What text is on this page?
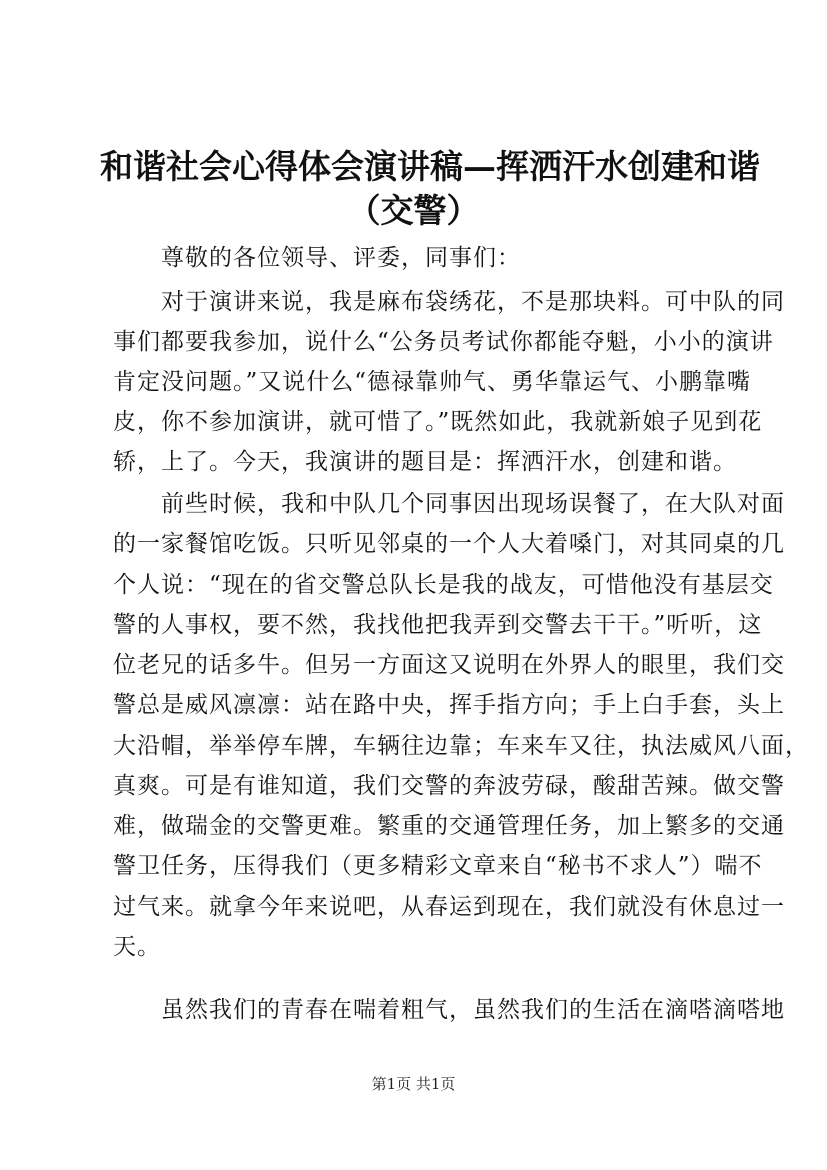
和谐社会心得体会演讲稿—挥洒汗水创建和谐
（交警）
　　尊敬的各位领导、评委，同事们：
　　对于演讲来说，我是麻布袋绣花，不是那块料。可中队的同
事们都要我参加，说什么“公务员考试你都能夺魁，小小的演讲
肯定没问题。”又说什么“德禄靠帅气、勇华靠运气、小鹏靠嘴
皮，你不参加演讲，就可惜了。”既然如此，我就新娘子见到花
轿，上了。今天，我演讲的题目是：挥洒汗水，创建和谐。
　　前些时候，我和中队几个同事因出现场误餐了，在大队对面
的一家餐馆吃饭。只听见邻桌的一个人大着嗓门，对其同桌的几
个人说：“现在的省交警总队长是我的战友，可惜他没有基层交
警的人事权，要不然，我找他把我弄到交警去干干。”听听，这
位老兄的话多牛。但另一方面这又说明在外界人的眼里，我们交
警总是威风凛凛：站在路中央，挥手指方向；手上白手套，头上
大沿帽，举举停车牌，车辆往边靠；车来车又往，执法威风八面，
真爽。可是有谁知道，我们交警的奔波劳碌，酸甜苦辣。做交警
难，做瑞金的交警更难。繁重的交通管理任务，加上繁多的交通
警卫任务，压得我们（更多精彩文章来自“秘书不求人”）喘不
过气来。就拿今年来说吧，从春运到现在，我们就没有休息过一
天。
　　虽然我们的青春在喘着粗气，虽然我们的生活在滴嗒滴嗒地
第1页 共1页
